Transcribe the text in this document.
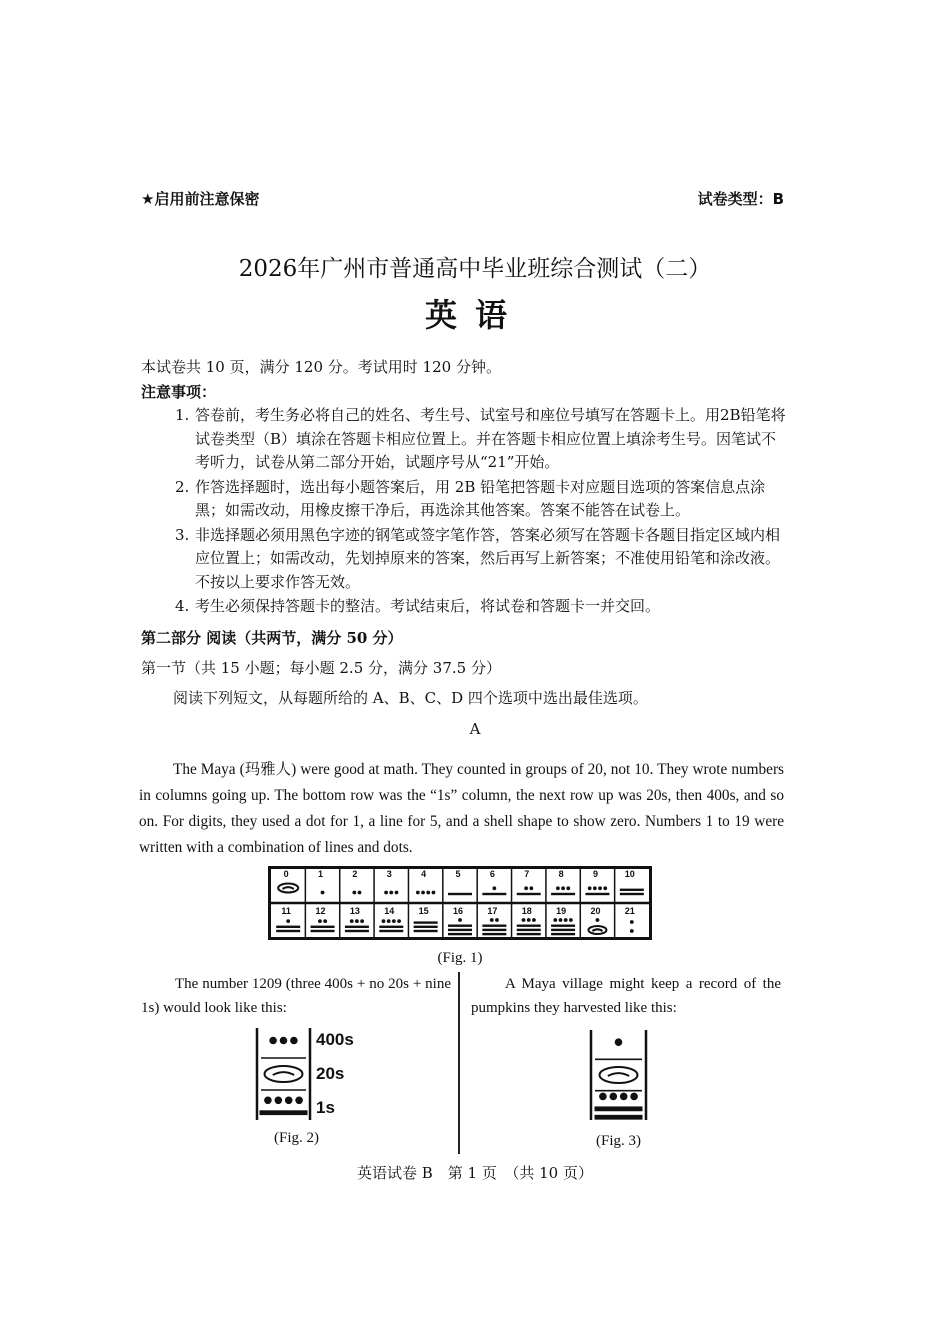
★启用前注意保密	试卷类型：B
2026年广州市普通高中毕业班综合测试（二）
英语
本试卷共 10 页，满分 120 分。考试用时 120 分钟。
注意事项：
1. 答卷前，考生务必将自己的姓名、考生号、试室号和座位号填写在答题卡上。用2B铅笔将试卷类型（B）填涂在答题卡相应位置上。并在答题卡相应位置上填涂考生号。因笔试不考听力，试卷从第二部分开始，试题序号从“21”开始。
2. 作答选择题时，选出每小题答案后，用 2B 铅笔把答题卡对应题目选项的答案信息点涂黑；如需改动，用橡皮擦干净后，再选涂其他答案。答案不能答在试卷上。
3. 非选择题必须用黑色字迹的钢笔或签字笔作答，答案必须写在答题卡各题目指定区域内相应位置上；如需改动，先划掉原来的答案，然后再写上新答案；不准使用铅笔和涂改液。不按以上要求作答无效。
4. 考生必须保持答题卡的整洁。考试结束后，将试卷和答题卡一并交回。
第二部分 阅读（共两节，满分 50 分）
第一节（共 15 小题；每小题 2.5 分，满分 37.5 分）
阅读下列短文，从每题所给的 A、B、C、D 四个选项中选出最佳选项。
A
The Maya (玛雅人) were good at math. They counted in groups of 20, not 10. They wrote numbers in columns going up. The bottom row was the “1s” column, the next row up was 20s, then 400s, and so on. For digits, they used a dot for 1, a line for 5, and a shell shape to show zero. Numbers 1 to 19 were written with a combination of lines and dots.
0	1	2	3	4	5	6	7	8	9	10
11	12	13	14	15	16	17	18	19	20	21
(Fig. 1)
The number 1209 (three 400s + no 20s + nine 1s) would look like this:
A Maya village might keep a record of the pumpkins they harvested like this:
400s
20s
1s
(Fig. 2)	(Fig. 3)
英语试卷 B　第 1 页　（共 10 页）
